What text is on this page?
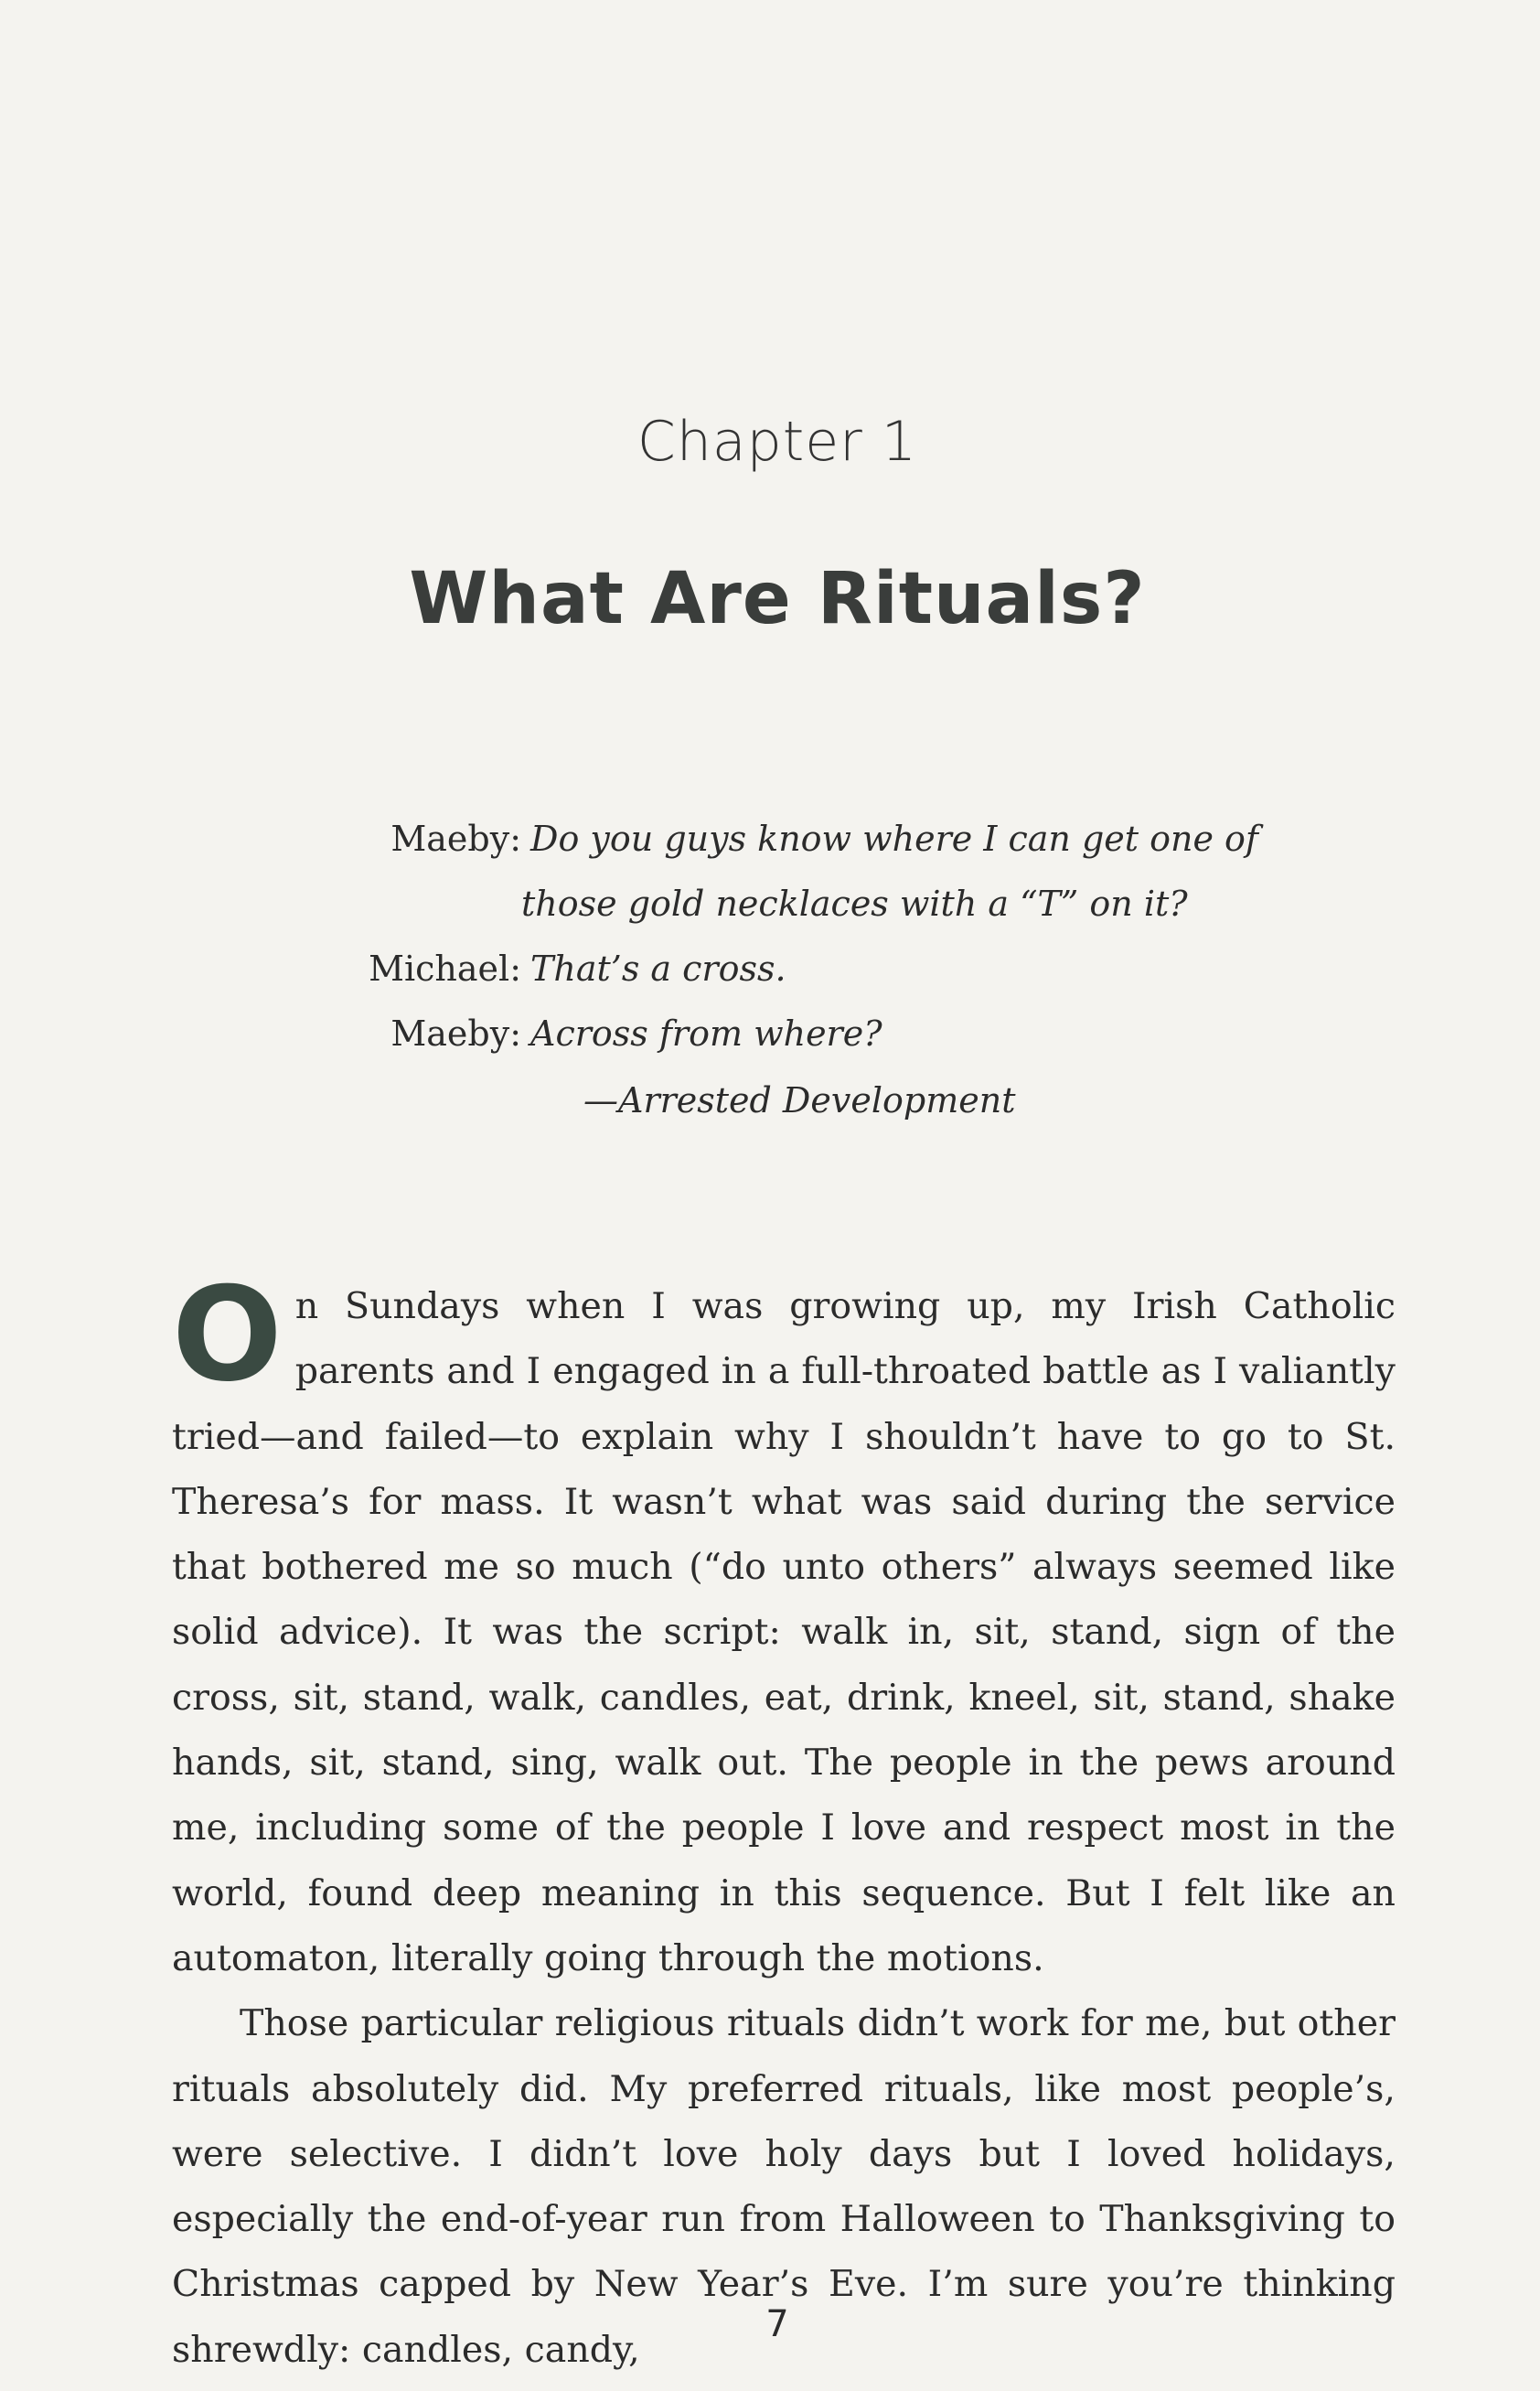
Chapter 1
What Are Rituals?
Maeby: Do you guys know where I can get one of
those gold necklaces with a “T” on it?
Michael: That’s a cross.
Maeby: Across from where?
—Arrested Development

On Sundays when I was growing up, my Irish Catholic parents and I engaged in a full-throated battle as I valiantly tried—and failed—to explain why I shouldn’t have to go to St. Theresa’s for mass. It wasn’t what was said during the service that bothered me so much (“do unto others” always seemed like solid advice). It was the script: walk in, sit, stand, sign of the cross, sit, stand, walk, candles, eat, drink, kneel, sit, stand, shake hands, sit, stand, sing, walk out. The people in the pews around me, including some of the people I love and respect most in the world, found deep meaning in this sequence. But I felt like an automaton, literally going through the motions.

Those particular religious rituals didn’t work for me, but other rituals absolutely did. My preferred rituals, like most people’s, were selective. I didn’t love holy days but I loved holidays, especially the end-of-year run from Halloween to Thanksgiving to Christmas capped by New Year’s Eve. I’m sure you’re thinking shrewdly: candles, candy,

7
